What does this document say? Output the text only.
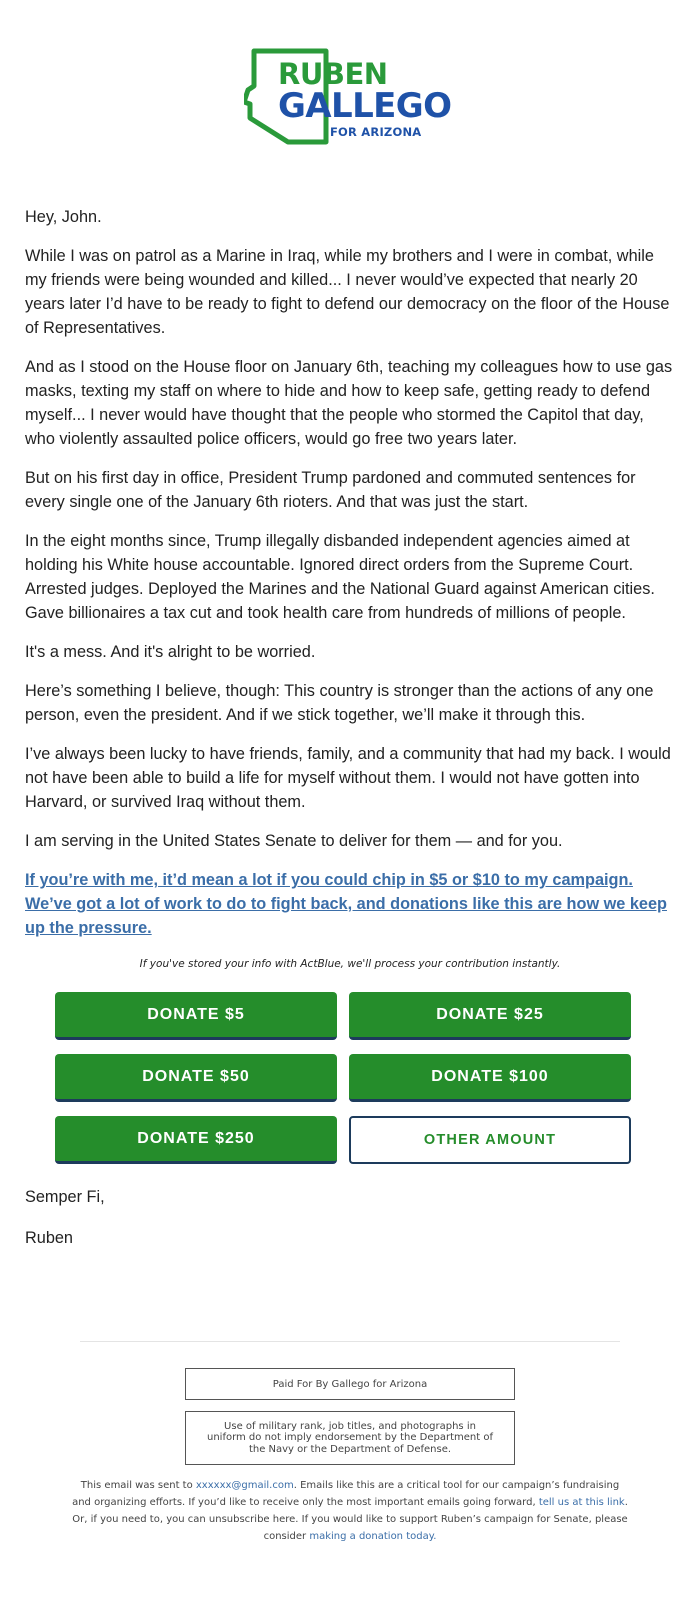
RUBEN
GALLEGO
FOR ARIZONA

Hey, John.

While I was on patrol as a Marine in Iraq, while my brothers and I were in combat, while my friends were being wounded and killed... I never would’ve expected that nearly 20 years later I’d have to be ready to fight to defend our democracy on the floor of the House of Representatives.

And as I stood on the House floor on January 6th, teaching my colleagues how to use gas masks, texting my staff on where to hide and how to keep safe, getting ready to defend myself... I never would have thought that the people who stormed the Capitol that day, who violently assaulted police officers, would go free two years later.

But on his first day in office, President Trump pardoned and commuted sentences for every single one of the January 6th rioters. And that was just the start.

In the eight months since, Trump illegally disbanded independent agencies aimed at holding his White house accountable. Ignored direct orders from the Supreme Court. Arrested judges. Deployed the Marines and the National Guard against American cities. Gave billionaires a tax cut and took health care from hundreds of millions of people.

It's a mess. And it's alright to be worried.

Here’s something I believe, though: This country is stronger than the actions of any one person, even the president. And if we stick together, we’ll make it through this.

I’ve always been lucky to have friends, family, and a community that had my back. I would not have been able to build a life for myself without them. I would not have gotten into Harvard, or survived Iraq without them.

I am serving in the United States Senate to deliver for them — and for you.

If you’re with me, it’d mean a lot if you could chip in $5 or $10 to my campaign. We’ve got a lot of work to do to fight back, and donations like this are how we keep up the pressure.
If you've stored your info with ActBlue, we'll process your contribution instantly.
DONATE $5	DONATE $25
DONATE $50	DONATE $100
DONATE $250	OTHER AMOUNT

Semper Fi,

Ruben

Paid For By Gallego for Arizona
Use of military rank, job titles, and photographs in uniform do not imply endorsement by the Department of the Navy or the Department of Defense.
This email was sent to xxxxxx@gmail.com. Emails like this are a critical tool for our campaign’s fundraising and organizing efforts. If you’d like to receive only the most important emails going forward, tell us at this link. Or, if you need to, you can unsubscribe here. If you would like to support Ruben’s campaign for Senate, please consider making a donation today.
